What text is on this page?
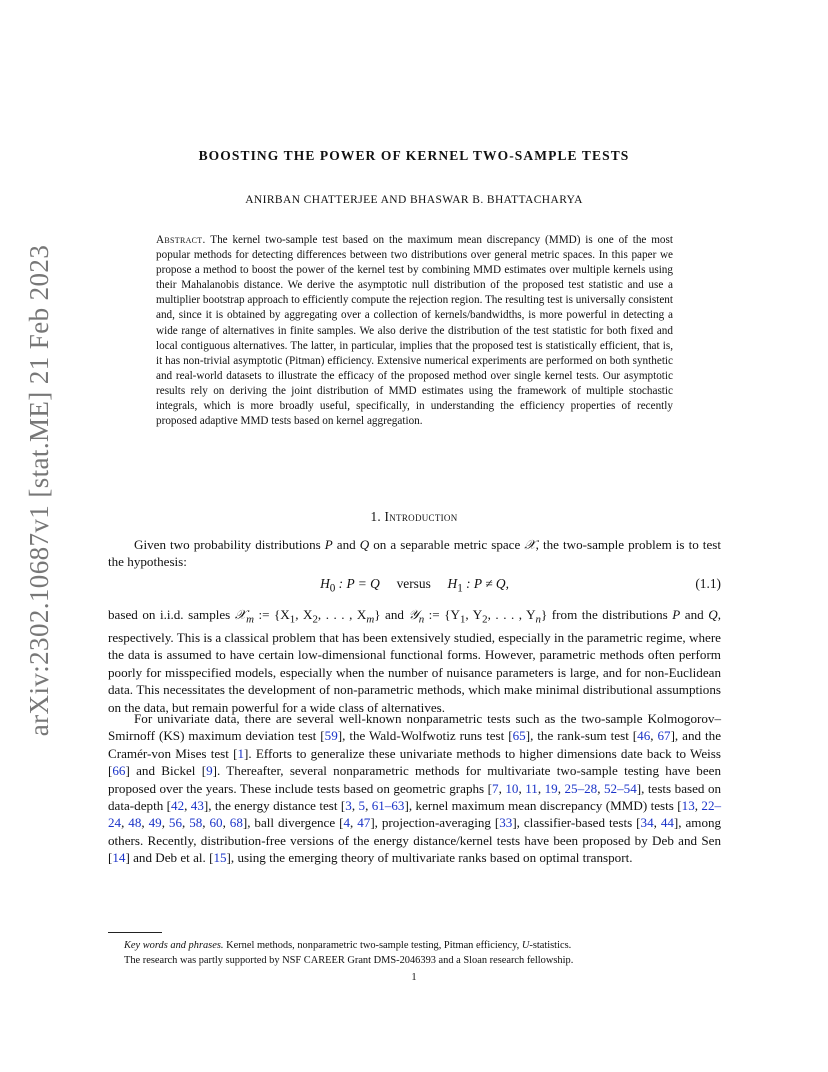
arXiv:2302.10687v1 [stat.ME] 21 Feb 2023
BOOSTING THE POWER OF KERNEL TWO-SAMPLE TESTS
ANIRBAN CHATTERJEE AND BHASWAR B. BHATTACHARYA
Abstract. The kernel two-sample test based on the maximum mean discrepancy (MMD) is one of the most popular methods for detecting differences between two distributions over general metric spaces. In this paper we propose a method to boost the power of the kernel test by combining MMD estimates over multiple kernels using their Mahalanobis distance. We derive the asymptotic null distribution of the proposed test statistic and use a multiplier bootstrap approach to efficiently compute the rejection region. The resulting test is universally consistent and, since it is obtained by aggregating over a collection of kernels/bandwidths, is more powerful in detecting a wide range of alternatives in finite samples. We also derive the distribution of the test statistic for both fixed and local contiguous alternatives. The latter, in particular, implies that the proposed test is statistically efficient, that is, it has non-trivial asymptotic (Pitman) efficiency. Extensive numerical experiments are performed on both synthetic and real-world datasets to illustrate the efficacy of the proposed method over single kernel tests. Our asymptotic results rely on deriving the joint distribution of MMD estimates using the framework of multiple stochastic integrals, which is more broadly useful, specifically, in understanding the efficiency properties of recently proposed adaptive MMD tests based on kernel aggregation.
1. Introduction
Given two probability distributions P and Q on a separable metric space 𝒳, the two-sample problem is to test the hypothesis:
$H_0$ : P = Q versus $H_1$ : P ≠ Q,	(1.1)
based on i.i.d. samples 𝒳$_m$ := {$X_1$, $X_2$, . . . , $X_m$} and 𝒴$_n$ := {$Y_1$, $Y_2$, . . . , $Y_n$} from the distributions P and Q, respectively. This is a classical problem that has been extensively studied, especially in the parametric regime, where the data is assumed to have certain low-dimensional functional forms. However, parametric methods often perform poorly for misspecified models, especially when the number of nuisance parameters is large, and for non-Euclidean data. This necessitates the development of non-parametric methods, which make minimal distributional assumptions on the data, but remain powerful for a wide class of alternatives.
For univariate data, there are several well-known nonparametric tests such as the two-sample Kolmogorov–Smirnoff (KS) maximum deviation test [59], the Wald-Wolfwotiz runs test [65], the rank-sum test [46, 67], and the Cramér-von Mises test [1]. Efforts to generalize these univariate methods to higher dimensions date back to Weiss [66] and Bickel [9]. Thereafter, several nonparametric methods for multivariate two-sample testing have been proposed over the years. These include tests based on geometric graphs [7, 10, 11, 19, 25–28, 52–54], tests based on data-depth [42, 43], the energy distance test [3, 5, 61–63], kernel maximum mean discrepancy (MMD) tests [13, 22–24, 48, 49, 56, 58, 60, 68], ball divergence [4, 47], projection-averaging [33], classifier-based tests [34, 44], among others. Recently, distribution-free versions of the energy distance/kernel tests have been proposed by Deb and Sen [14] and Deb et al. [15], using the emerging theory of multivariate ranks based on optimal transport.
Key words and phrases. Kernel methods, nonparametric two-sample testing, Pitman efficiency, U-statistics.
The research was partly supported by NSF CAREER Grant DMS-2046393 and a Sloan research fellowship.
1
